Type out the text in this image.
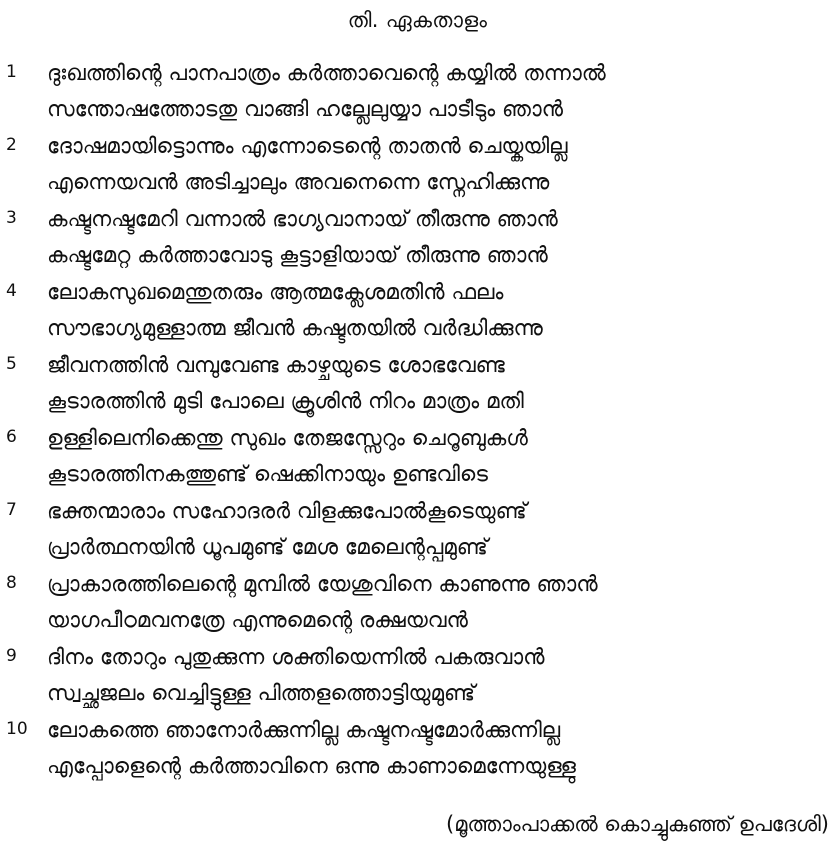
തി. ഏകതാളം
1	ദുഃഖത്തിന്റെ പാനപാത്രം കർത്താവെന്റെ കയ്യിൽ തന്നാൽ
സന്തോഷത്തോടതു വാങ്ങി ഹല്ലേലുയ്യാ പാടീടും ഞാൻ
2	ദോഷമായിട്ടൊന്നും എന്നോടെന്റെ താതൻ ചെയ്കയില്ല
എന്നെയവൻ അടിച്ചാലും അവനെന്നെ സ്നേഹിക്കുന്നു
3	കഷ്ടനഷ്ടമേറി വന്നാൽ ഭാഗ്യവാനായ് തീരുന്നു ഞാൻ
കഷ്ടമേറ്റ കർത്താവോടു കൂട്ടാളിയായ് തീരുന്നു ഞാൻ
4	ലോകസുഖമെന്തുതരും ആത്മക്ലേശമതിൻ ഫലം
സൗഭാഗ്യമുള്ളാത്മ ജീവൻ കഷ്ടതയിൽ വർദ്ധിക്കുന്നു
5	ജീവനത്തിൻ വമ്പുവേണ്ട കാഴ്ചയുടെ ശോഭവേണ്ട
കൂടാരത്തിൻ മുടി പോലെ ക്രൂശിൻ നിറം മാത്രം മതി
6	ഉള്ളിലെനിക്കെന്തു സുഖം തേജസ്സേറും ചെറൂബുകൾ
കൂടാരത്തിനകത്തുണ്ട് ഷെക്കിനായും ഉണ്ടവിടെ
7	ഭക്തന്മാരാം സഹോദരർ വിളക്കുപോൽകൂടെയുണ്ട്
പ്രാർത്ഥനയിൻ ധൂപമുണ്ട് മേശ മേലെന്റപ്പമുണ്ട്
8	പ്രാകാരത്തിലെന്റെ മുമ്പിൽ യേശുവിനെ കാണുന്നു ഞാൻ
യാഗപീഠമവനത്രേ എന്നുമെന്റെ രക്ഷയവൻ
9	ദിനം തോറും പുതുക്കുന്ന ശക്തിയെന്നിൽ പകരുവാൻ
സ്വച്ഛജലം വെച്ചിട്ടുള്ള പിത്തളത്തൊട്ടിയുമുണ്ട്
10 ലോകത്തെ ഞാനോർക്കുന്നില്ല കഷ്ടനഷ്ടമോർക്കുന്നില്ല
എപ്പോളെന്റെ കർത്താവിനെ ഒന്നു കാണാമെന്നേയുള്ളു
(മൂത്താംപാക്കൽ കൊച്ചുകുഞ്ഞ് ഉപദേശി)
